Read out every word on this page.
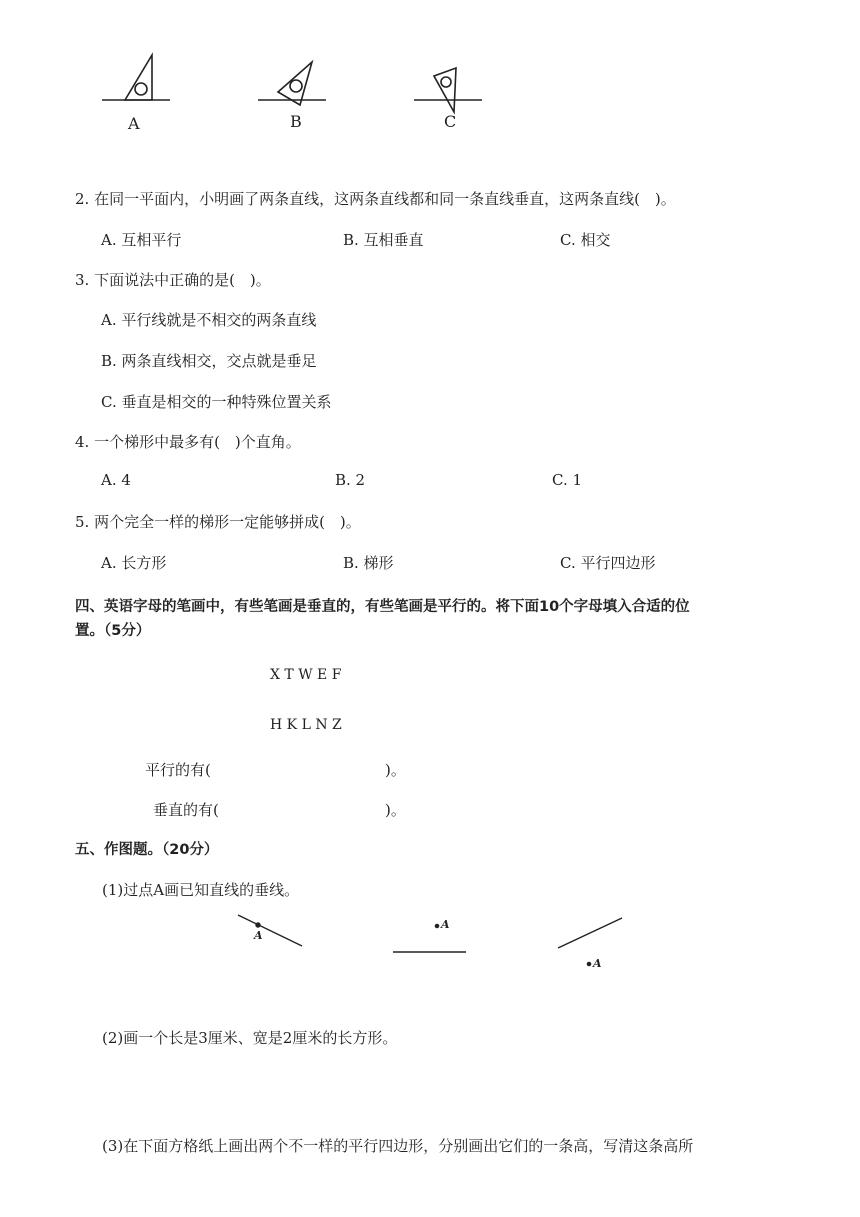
A	B	C
2. 在同一平面内，小明画了两条直线，这两条直线都和同一条直线垂直，这两条直线(　)。
A. 互相平行	B. 互相垂直	C. 相交
3. 下面说法中正确的是(　)。
A. 平行线就是不相交的两条直线
B. 两条直线相交，交点就是垂足
C. 垂直是相交的一种特殊位置关系
4. 一个梯形中最多有(　)个直角。
A. 4	B. 2	C. 1
5. 两个完全一样的梯形一定能够拼成(　)。
A. 长方形	B. 梯形	C. 平行四边形
四、英语字母的笔画中，有些笔画是垂直的，有些笔画是平行的。将下面10个字母填入合适的位
置。（5分）
X T W E F
H K L N Z
平行的有(	)。
垂直的有(	)。
五、作图题。（20分）
(1)过点A画已知直线的垂线。
A
A
A
(2)画一个长是3厘米、宽是2厘米的长方形。
(3)在下面方格纸上画出两个不一样的平行四边形，分别画出它们的一条高，写清这条高所
